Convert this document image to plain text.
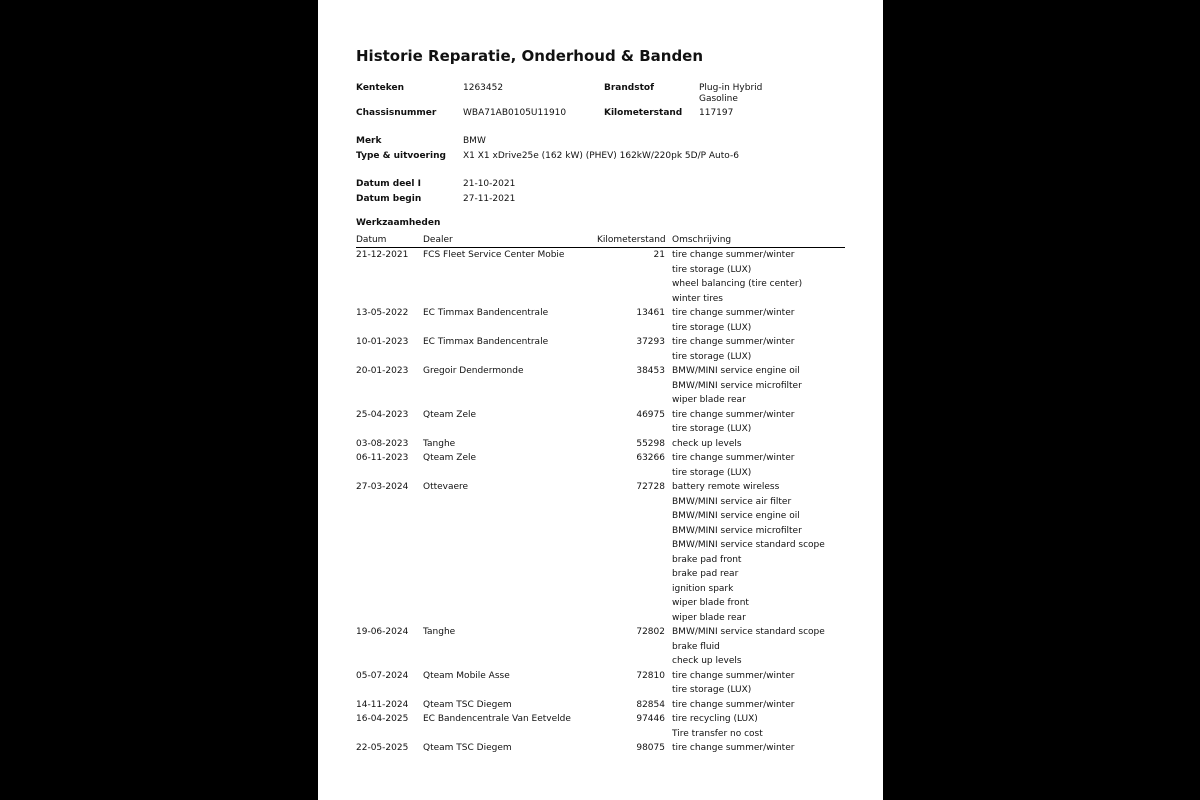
Historie Reparatie, Onderhoud & Banden
Kenteken	1263452	Brandstof	Plug-in Hybrid
Gasoline
Chassisnummer	WBA71AB0105U11910	Kilometerstand 117197
Merk	BMW
Type & uitvoering X1 X1 xDrive25e (162 kW) (PHEV) 162kW/220pk 5D/P Auto-6
Datum deel I	21-10-2021
Datum begin	27-11-2021
Werkzaamheden
Datum	Dealer	Kilometerstand Omschrijving
21-12-2021 FCS Fleet Service Center Mobie	21 tire change summer/winter
tire storage (LUX)
wheel balancing (tire center)
winter tires
13-05-2022 EC Timmax Bandencentrale	13461 tire change summer/winter
tire storage (LUX)
10-01-2023 EC Timmax Bandencentrale	37293 tire change summer/winter
tire storage (LUX)
20-01-2023 Gregoir Dendermonde	38453 BMW/MINI service engine oil
BMW/MINI service microfilter
wiper blade rear
25-04-2023 Qteam Zele	46975 tire change summer/winter
tire storage (LUX)
03-08-2023 Tanghe	55298 check up levels
06-11-2023 Qteam Zele	63266 tire change summer/winter
tire storage (LUX)
27-03-2024 Ottevaere	72728 battery remote wireless
BMW/MINI service air filter
BMW/MINI service engine oil
BMW/MINI service microfilter
BMW/MINI service standard scope
brake pad front
brake pad rear
ignition spark
wiper blade front
wiper blade rear
19-06-2024 Tanghe	72802 BMW/MINI service standard scope
brake fluid
check up levels
05-07-2024 Qteam Mobile Asse	72810 tire change summer/winter
tire storage (LUX)
14-11-2024 Qteam TSC Diegem	82854 tire change summer/winter
16-04-2025 EC Bandencentrale Van Eetvelde	97446 tire recycling (LUX)
Tire transfer no cost
22-05-2025 Qteam TSC Diegem	98075 tire change summer/winter
